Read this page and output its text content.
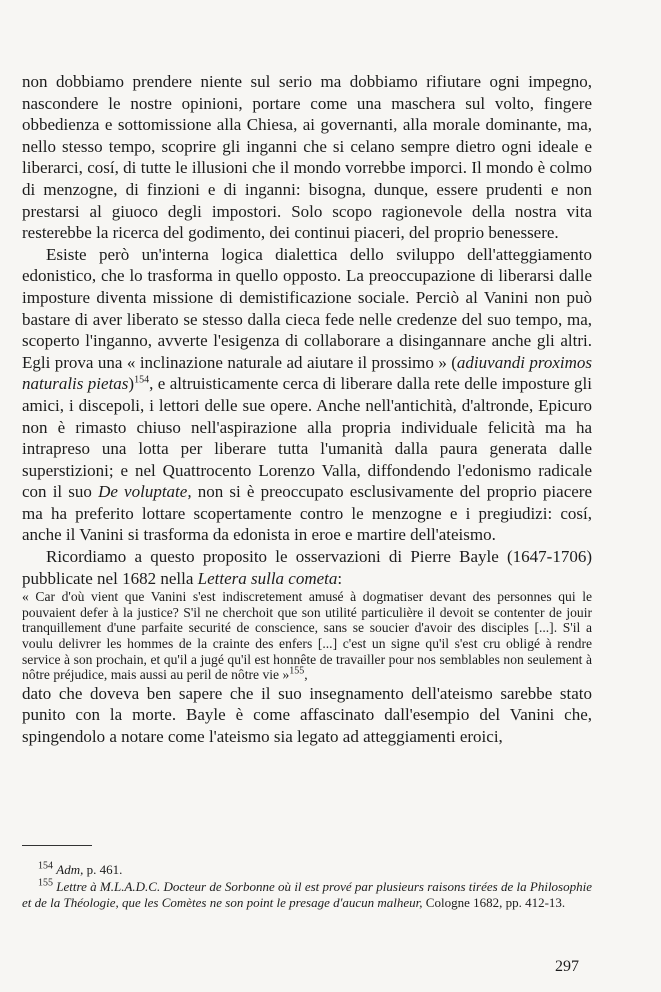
non dobbiamo prendere niente sul serio ma dobbiamo rifiutare ogni impegno, nascondere le nostre opinioni, portare come una maschera sul volto, fingere obbedienza e sottomissione alla Chiesa, ai governanti, alla morale dominante, ma, nello stesso tempo, scoprire gli inganni che si celano sempre dietro ogni ideale e liberarci, cosí, di tutte le illusioni che il mondo vorrebbe imporci. Il mondo è colmo di menzogne, di finzioni e di inganni: bisogna, dunque, essere prudenti e non prestarsi al giuoco degli impostori. Solo scopo ragionevole della nostra vita resterebbe la ricerca del godimento, dei continui piaceri, del proprio benessere.

Esiste però un'interna logica dialettica dello sviluppo dell'atteggiamento edonistico, che lo trasforma in quello opposto. La preoccupazione di liberarsi dalle imposture diventa missione di demistificazione sociale. Perciò al Vanini non può bastare di aver liberato se stesso dalla cieca fede nelle credenze del suo tempo, ma, scoperto l'inganno, avverte l'esigenza di collaborare a disingannare anche gli altri. Egli prova una « inclinazione naturale ad aiutare il prossimo » (adiuvandi proximos naturalis pietas)$^{154}$, e altruisticamente cerca di liberare dalla rete delle imposture gli amici, i discepoli, i lettori delle sue opere. Anche nell'antichità, d'altronde, Epicuro non è rimasto chiuso nell'aspirazione alla propria individuale felicità ma ha intrapreso una lotta per liberare tutta l'umanità dalla paura generata dalle superstizioni; e nel Quattrocento Lorenzo Valla, diffondendo l'edonismo radicale con il suo De voluptate, non si è preoccupato esclusivamente del proprio piacere ma ha preferito lottare scopertamente contro le menzogne e i pregiudizi: cosí, anche il Vanini si trasforma da edonista in eroe e martire dell'ateismo.

Ricordiamo a questo proposito le osservazioni di Pierre Bayle (1647-1706) pubblicate nel 1682 nella Lettera sulla cometa:

« Car d'où vient que Vanini s'est indiscretement amusé à dogmatiser devant des personnes qui le pouvaient defer à la justice? S'il ne cherchoit que son utilité particulière il devoit se contenter de jouir tranquillement d'une parfaite securité de conscience, sans se soucier d'avoir des disciples [...]. S'il a voulu delivrer les hommes de la crainte des enfers [...] c'est un signe qu'il s'est cru obligé à rendre service à son prochain, et qu'il a jugé qu'il est honnête de travailler pour nos semblables non seulement à nôtre préjudice, mais aussi au peril de nôtre vie »$^{155}$,

dato che doveva ben sapere che il suo insegnamento dell'ateismo sarebbe stato punito con la morte. Bayle è come affascinato dall'esempio del Vanini che, spingendolo a notare come l'ateismo sia legato ad atteggiamenti eroici,

$^{154}$ Adm, p. 461.

$^{155}$ Lettre à M.L.A.D.C. Docteur de Sorbonne où il est prové par plusieurs raisons tirées de la Philosophie et de la Théologie, que les Comètes ne son point le presage d'aucun malheur, Cologne 1682, pp. 412-13.

297
